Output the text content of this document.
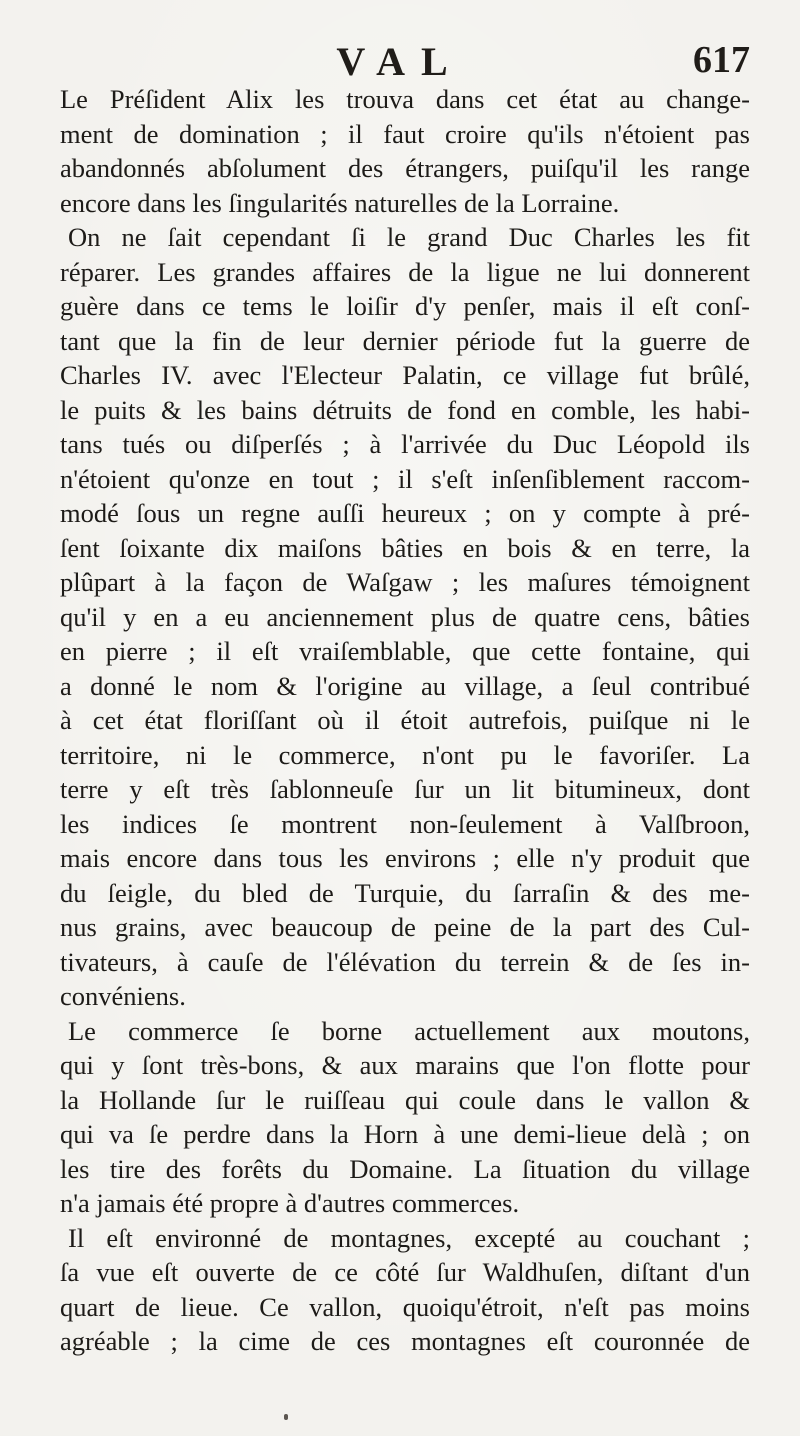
VAL	617
Le Préſident Alix les trouva dans cet état au change-
ment de domination ; il faut croire qu'ils n'étoient pas
abandonnés abſolument des étrangers, puiſqu'il les range
encore dans les ſingularités naturelles de la Lorraine.
On ne ſait cependant ſi le grand Duc Charles les fit
réparer. Les grandes affaires de la ligue ne lui donnerent
guère dans ce tems le loiſir d'y penſer, mais il eſt conſ-
tant que la fin de leur dernier période fut la guerre de
Charles IV. avec l'Electeur Palatin, ce village fut brûlé,
le puits & les bains détruits de fond en comble, les habi-
tans tués ou diſperſés ; à l'arrivée du Duc Léopold ils
n'étoient qu'onze en tout ; il s'eſt inſenſiblement raccom-
modé ſous un regne auſſi heureux ; on y compte à pré-
ſent ſoixante dix maiſons bâties en bois & en terre, la
plûpart à la façon de Waſgaw ; les maſures témoignent
qu'il y en a eu anciennement plus de quatre cens, bâties
en pierre ; il eſt vraiſemblable, que cette fontaine, qui
a donné le nom & l'origine au village, a ſeul contribué
à cet état floriſſant où il étoit autrefois, puiſque ni le
territoire, ni le commerce, n'ont pu le favoriſer. La
terre y eſt très ſablonneuſe ſur un lit bitumineux, dont
les indices ſe montrent non-ſeulement à Valſbroon,
mais encore dans tous les environs ; elle n'y produit que
du ſeigle, du bled de Turquie, du ſarraſin & des me-
nus grains, avec beaucoup de peine de la part des Cul-
tivateurs, à cauſe de l'élévation du terrein & de ſes in-
convéniens.
Le commerce ſe borne actuellement aux moutons,
qui y ſont très-bons, & aux marains que l'on flotte pour
la Hollande ſur le ruiſſeau qui coule dans le vallon &
qui va ſe perdre dans la Horn à une demi-lieue delà ; on
les tire des forêts du Domaine. La ſituation du village
n'a jamais été propre à d'autres commerces.
Il eſt environné de montagnes, excepté au couchant ;
ſa vue eſt ouverte de ce côté ſur Waldhuſen, diſtant d'un
quart de lieue. Ce vallon, quoiqu'étroit, n'eſt pas moins
agréable ; la cime de ces montagnes eſt couronnée de
